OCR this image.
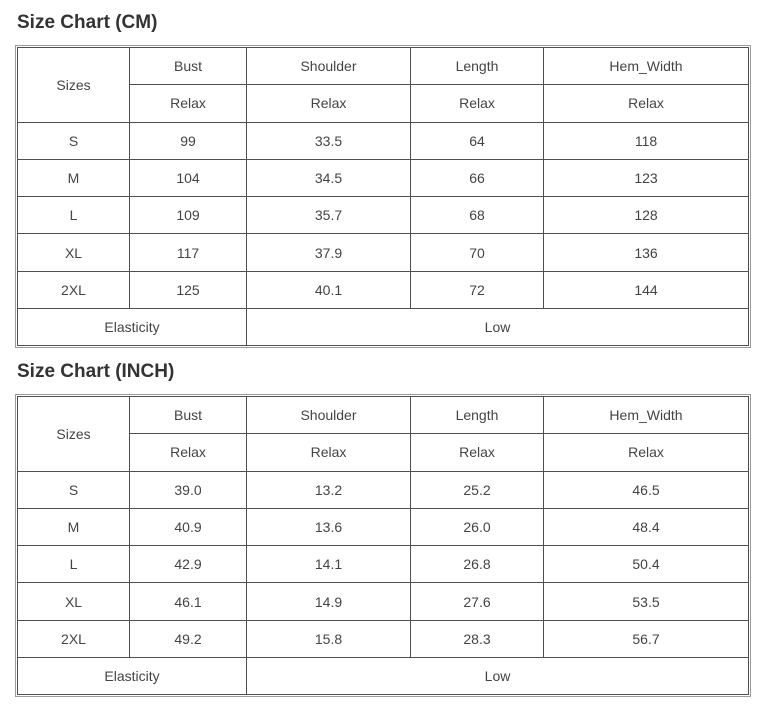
Size Chart (CM)
Sizes	Bust	Shoulder	Length	Hem_Width
	Relax	Relax	Relax	Relax
S	99	33.5	64	118
M	104	34.5	66	123
L	109	35.7	68	128
XL	117	37.9	70	136
2XL	125	40.1	72	144
Elasticity		Low		
Size Chart (INCH)
Sizes	Bust	Shoulder	Length	Hem_Width
	Relax	Relax	Relax	Relax
S	39.0	13.2	25.2	46.5
M	40.9	13.6	26.0	48.4
L	42.9	14.1	26.8	50.4
XL	46.1	14.9	27.6	53.5
2XL	49.2	15.8	28.3	56.7
Elasticity		Low		
